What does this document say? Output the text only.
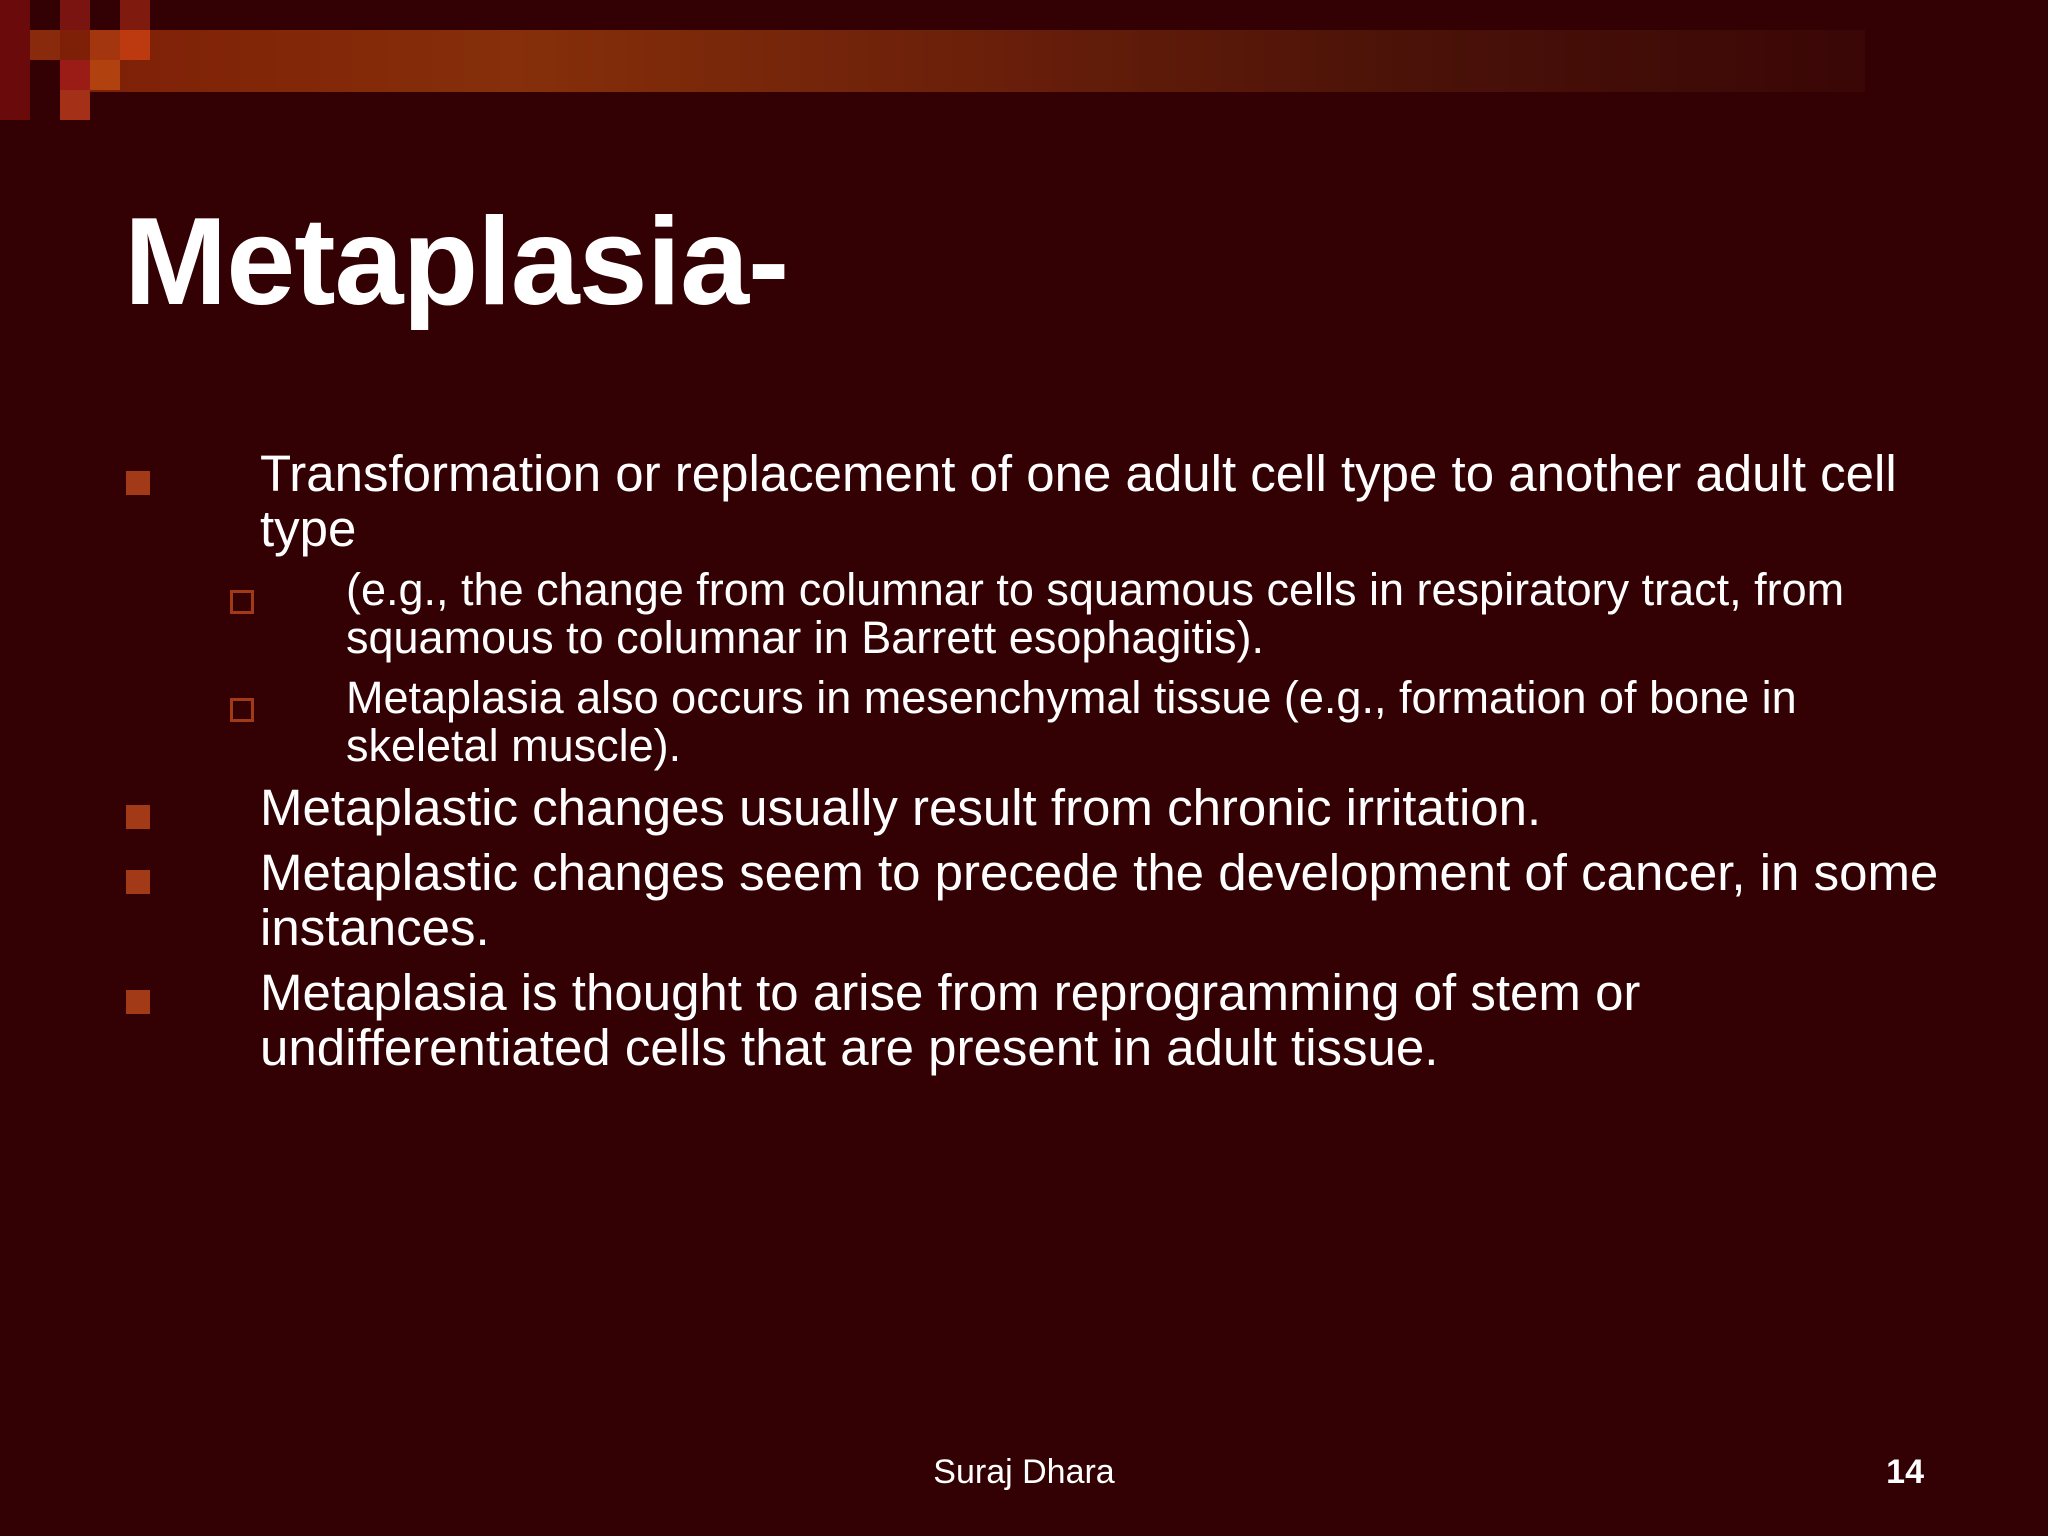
Metaplasia-
Transformation or replacement of one adult cell type to another adult cell type
(e.g., the change from columnar to squamous cells in respiratory tract, from squamous to columnar in Barrett esophagitis).
Metaplasia also occurs in mesenchymal tissue (e.g., formation of bone in skeletal muscle).
Metaplastic changes usually result from chronic irritation.
Metaplastic changes seem to precede the development of cancer, in some instances.
Metaplasia is thought to arise from reprogramming of stem or undifferentiated cells that are present in adult tissue.
Suraj Dhara	14
